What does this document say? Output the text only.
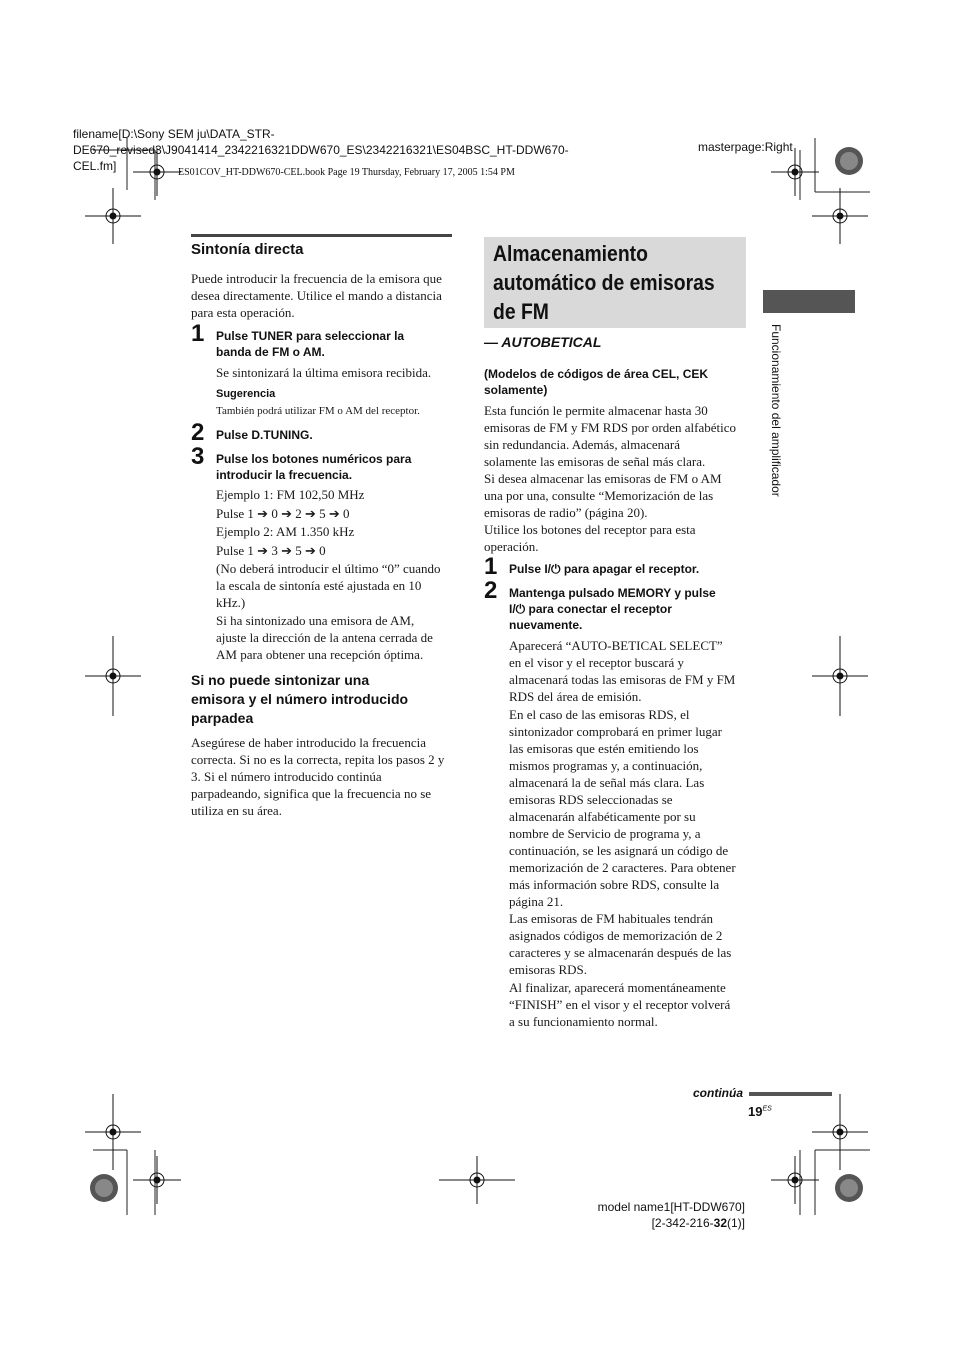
filename[D:\Sony SEM ju\DATA_STR-
DE670_revised3\J9041414_2342216321DDW670_ES\2342216321\ES04BSC_HT-DDW670-
CEL.fm]
masterpage:Right
ES01COV_HT-DDW670-CEL.book Page 19 Thursday, February 17, 2005 1:54 PM
Sintonía directa
Puede introducir la frecuencia de la emisora que
desea directamente. Utilice el mando a distancia
para esta operación.
1 Pulse TUNER para seleccionar la
banda de FM o AM.
Se sintonizará la última emisora recibida.
Sugerencia
También podrá utilizar FM o AM del receptor.
2 Pulse D.TUNING.
3 Pulse los botones numéricos para
introducir la frecuencia.
Ejemplo 1: FM 102,50 MHz
Pulse 1 ➔ 0 ➔ 2 ➔ 5 ➔ 0
Ejemplo 2: AM 1.350 kHz
Pulse 1 ➔ 3 ➔ 5 ➔ 0
(No deberá introducir el último “0” cuando
la escala de sintonía esté ajustada en 10
kHz.)
Si ha sintonizado una emisora de AM,
ajuste la dirección de la antena cerrada de
AM para obtener una recepción óptima.
Si no puede sintonizar una
emisora y el número introducido
parpadea
Asegúrese de haber introducido la frecuencia
correcta. Si no es la correcta, repita los pasos 2 y
3. Si el número introducido continúa
parpadeando, significa que la frecuencia no se
utiliza en su área.
Almacenamiento
automático de emisoras
de FM
— AUTOBETICAL
(Modelos de códigos de área CEL, CEK
solamente)
Esta función le permite almacenar hasta 30
emisoras de FM y FM RDS por orden alfabético
sin redundancia. Además, almacenará
solamente las emisoras de señal más clara.
Si desea almacenar las emisoras de FM o AM
una por una, consulte “Memorización de las
emisoras de radio” (página 20).
Utilice los botones del receptor para esta
operación.
1 Pulse I/⏻ para apagar el receptor.
2 Mantenga pulsado MEMORY y pulse
I/⏻ para conectar el receptor
nuevamente.
Aparecerá “AUTO-BETICAL SELECT”
en el visor y el receptor buscará y
almacenará todas las emisoras de FM y FM
RDS del área de emisión.
En el caso de las emisoras RDS, el
sintonizador comprobará en primer lugar
las emisoras que estén emitiendo los
mismos programas y, a continuación,
almacenará la de señal más clara. Las
emisoras RDS seleccionadas se
almacenarán alfabéticamente por su
nombre de Servicio de programa y, a
continuación, se les asignará un código de
memorización de 2 caracteres. Para obtener
más información sobre RDS, consulte la
página 21.
Las emisoras de FM habituales tendrán
asignados códigos de memorización de 2
caracteres y se almacenarán después de las
emisoras RDS.
Al finalizar, aparecerá momentáneamente
“FINISH” en el visor y el receptor volverá
a su funcionamiento normal.
Funcionamiento del amplificador
continúa
$19^{ES}$
model name1[HT-DDW670]
[2-342-216-32(1)]
